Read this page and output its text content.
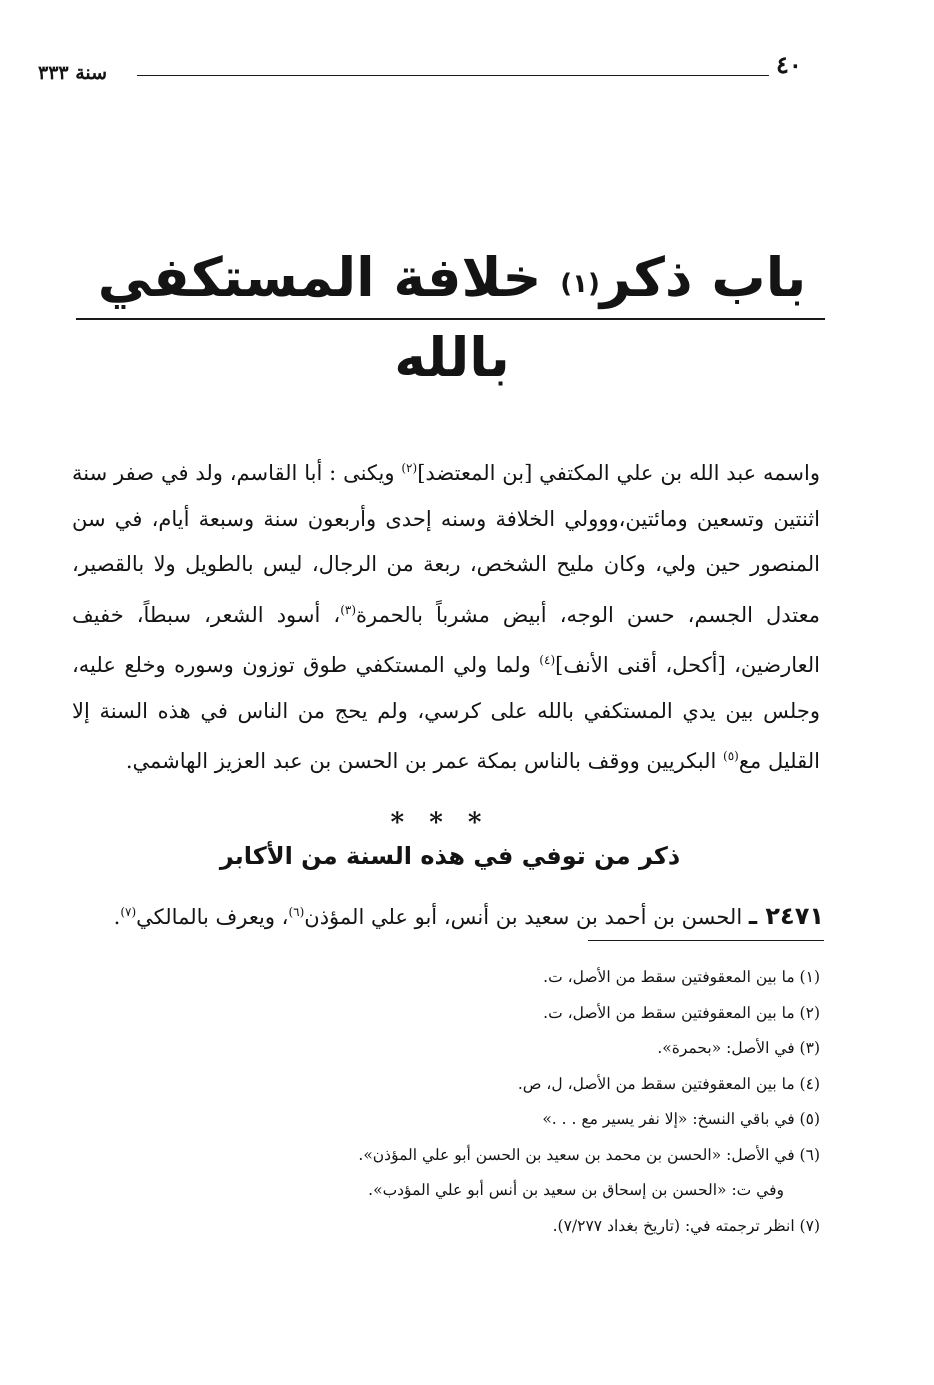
٤٠
سنة ٣٣٣
باب ذكر$^{(١)}$ خلافة المستكفي بالله
واسمه عبد الله بن علي المكتفي [بن المعتضد]$^{(٢)}$ ويكنى : أبا القاسم، ولد في صفر سنة اثنتين وتسعين ومائتين،ووولي الخلافة وسنه إحدى وأربعون سنة وسبعة أيام، في سن المنصور حين ولي، وكان مليح الشخص، ربعة من الرجال، ليس بالطويل ولا بالقصير، معتدل الجسم، حسن الوجه، أبيض مشرباً بالحمرة$^{(٣)}$، أسود الشعر، سبطاً، خفيف العارضين، [أكحل، أقنى الأنف]$^{(٤)}$ ولما ولي المستكفي طوق توزون وسوره وخلع عليه، وجلس بين يدي المستكفي بالله على كرسي، ولم يحج من الناس في هذه السنة إلا القليل مع$^{(٥)}$ البكريين ووقف بالناس بمكة عمر بن الحسن بن عبد العزيز الهاشمي.
* * *
ذكر من توفي في هذه السنة من الأكابر
٢٤٧١ ـ الحسن بن أحمد بن سعيد بن أنس، أبو علي المؤذن$^{(٦)}$، ويعرف بالمالكي$^{(٧)}$.
(١) ما بين المعقوفتين سقط من الأصل، ت.
(٢) ما بين المعقوفتين سقط من الأصل، ت.
(٣) في الأصل: «بحمرة».
(٤) ما بين المعقوفتين سقط من الأصل، ل، ص.
(٥) في باقي النسخ: «إلا نفر يسير مع . . .»
(٦) في الأصل: «الحسن بن محمد بن سعيد بن الحسن أبو علي المؤذن».
وفي ت: «الحسن بن إسحاق بن سعيد بن أنس أبو علي المؤدب».
(٧) انظر ترجمته في: (تاريخ بغداد ٧/٢٧٧).
